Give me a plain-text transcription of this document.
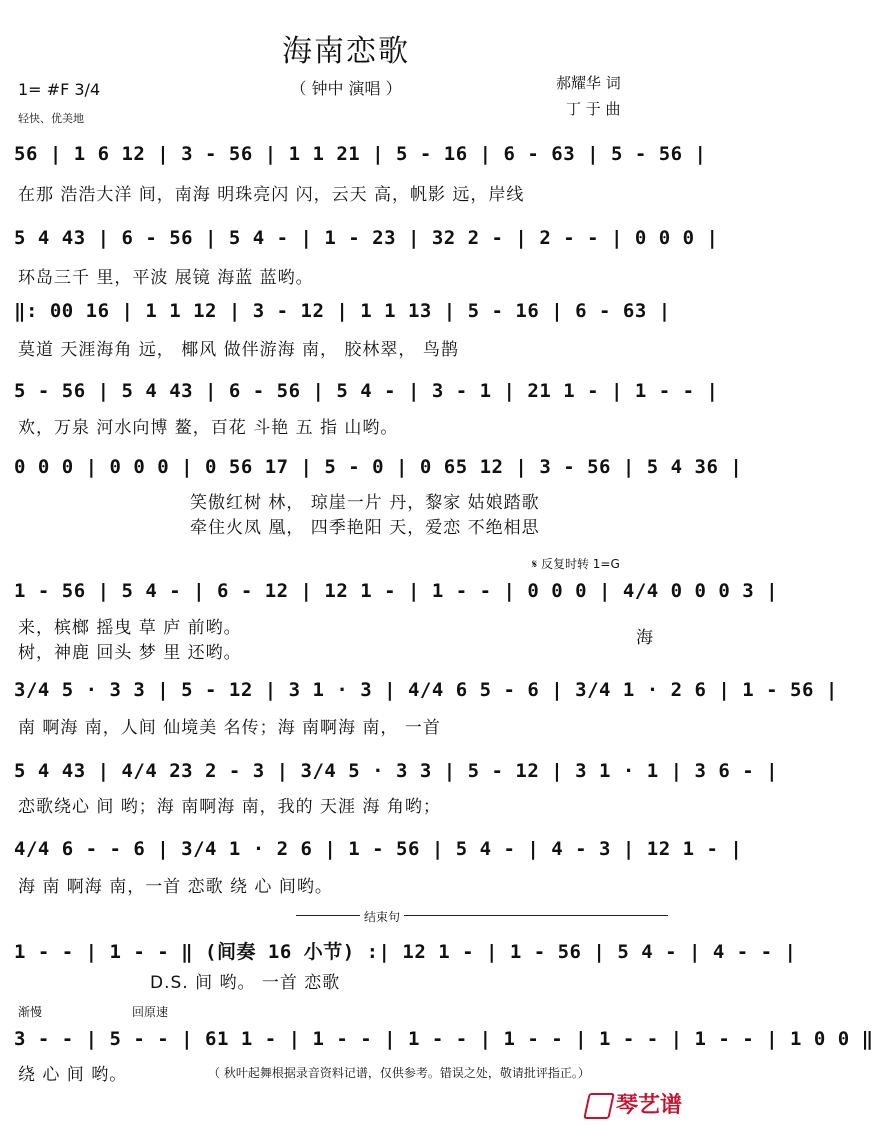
海南恋歌
（ 钟中 演唱 ）	郝耀华 词
丁 于 曲
1= #F 3/4
轻快、优美地
56 | 1 6 12 | 3 - 56 | 1 1 21 | 5 - 16 | 6 - 63 | 5 - 56 |
在那 浩浩大洋 间，南海 明珠亮闪 闪，云天 高，帆影 远，岸线
5 4 43 | 6 - 56 | 5 4 - | 1 - 23 | 32 2 - | 2 - - | 0 0 0 |
环岛三千 里，平波 展镜 海蓝 蓝哟。
‖: 00 16 | 1 1 12 | 3 - 12 | 1 1 13 | 5 - 16 | 6 - 63 |
莫道 天涯海角 远， 椰风 做伴游海 南， 胶林翠， 鸟鹊
5 - 56 | 5 4 43 | 6 - 56 | 5 4 - | 3 - 1 | 21 1 - | 1 - - |
欢，万泉 河水向博 鳌，百花 斗艳 五 指 山哟。
0 0 0 | 0 0 0 | 0 56 17 | 5 - 0 | 0 65 12 | 3 - 56 | 5 4 36 |
笑傲红树 林， 琼崖一片 丹，黎家 姑娘踏歌
牵住火凤 凰， 四季艳阳 天，爱恋 不绝相思
𝄋 反复时转 1=G
1 - 56 | 5 4 - | 6 - 12 | 12 1 - | 1 - - | 0 0 0 | 4/4 0 0 0 3 |
来，槟榔 摇曳 草 庐 前哟。
树，神鹿 回头 梦 里 还哟。
海
3/4 5 · 3 3 | 5 - 12 | 3 1 · 3 | 4/4 6 5 - 6 | 3/4 1 · 2 6 | 1 - 56 |
南 啊海 南，人间 仙境美 名传；海 南啊海 南， 一首
5 4 43 | 4/4 23 2 - 3 | 3/4 5 · 3 3 | 5 - 12 | 3 1 · 1 | 3 6 - |
恋歌绕心 间 哟；海 南啊海 南，我的 天涯 海 角哟；
4/4 6 - - 6 | 3/4 1 · 2 6 | 1 - 56 | 5 4 - | 4 - 3 | 12 1 - |
海 南 啊海 南，一首 恋歌 绕 心 间哟。
结束句
1 - - | 1 - - ‖ (间奏 16 小节) :| 12 1 - | 1 - 56 | 5 4 - | 4 - - |
D.S. 间 哟。 一首 恋歌
渐慢	回原速
3 - - | 5 - - | 61 1 - | 1 - - | 1 - - | 1 - - | 1 - - | 1 - - | 1 0 0 ‖
绕 心 间 哟。	（ 秋叶起舞根据录音资料记谱，仅供参考。错误之处，敬请批评指正。）
琴艺谱
